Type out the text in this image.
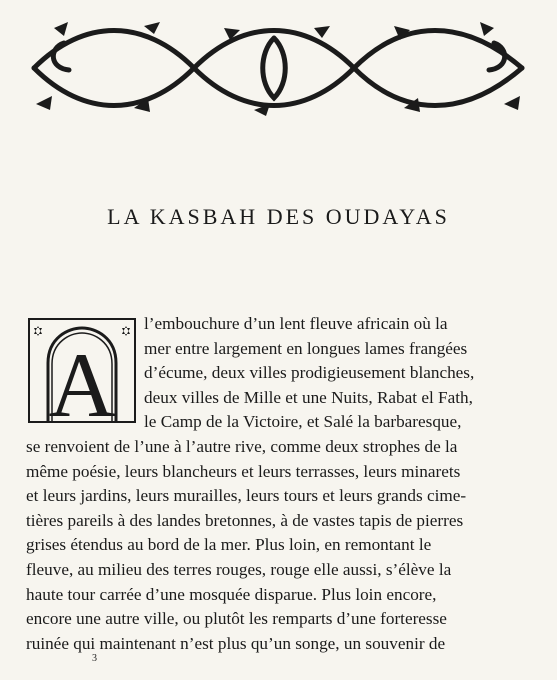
LA KASBAH DES OUDAYAS
A
l’embouchure d’un lent fleuve africain où la
mer entre largement en longues lames frangées
d’écume, deux villes prodigieusement blanches,
deux villes de Mille et une Nuits, Rabat el Fath,
le Camp de la Victoire, et Salé la barbaresque,
se renvoient de l’une à l’autre rive, comme deux strophes de la
même poésie, leurs blancheurs et leurs terrasses, leurs minarets
et leurs jardins, leurs murailles, leurs tours et leurs grands cime-
tières pareils à des landes bretonnes, à de vastes tapis de pierres
grises étendus au bord de la mer. Plus loin, en remontant le
fleuve, au milieu des terres rouges, rouge elle aussi, s’élève la
haute tour carrée d’une mosquée disparue. Plus loin encore,
encore une autre ville, ou plutôt les remparts d’une forteresse
ruinée qui maintenant n’est plus qu’un songe, un souvenir de
3
